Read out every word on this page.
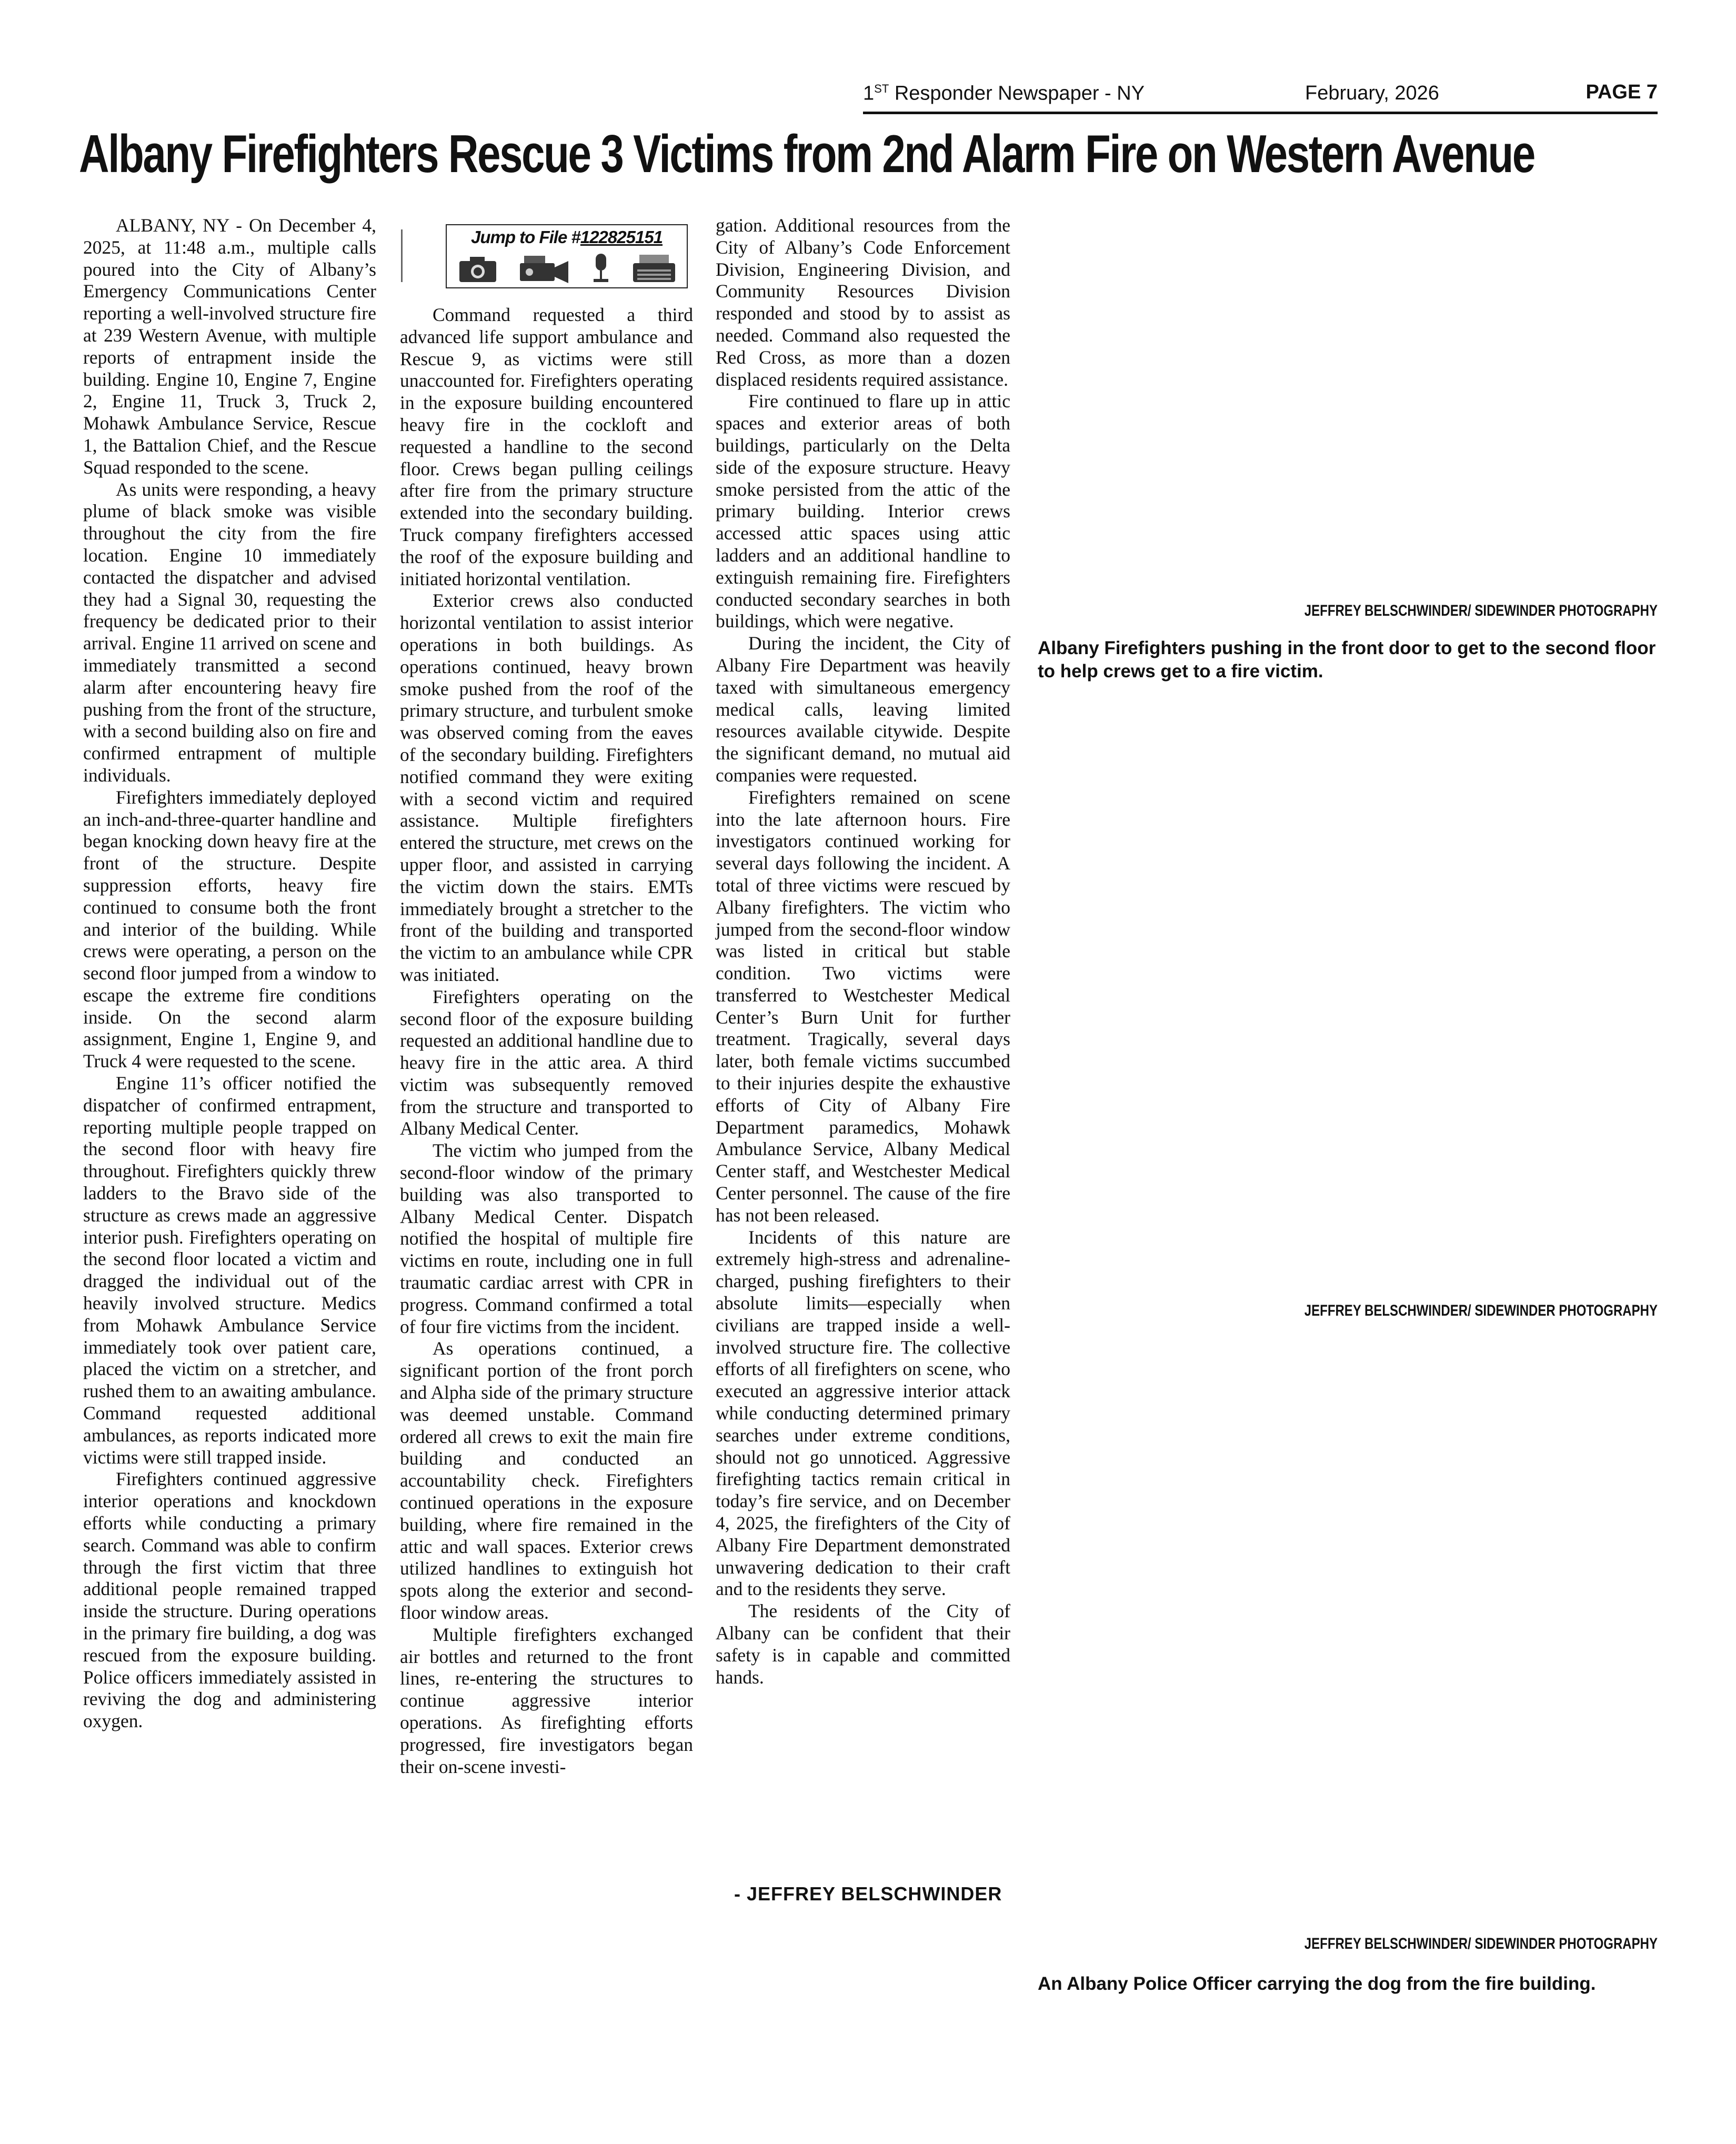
1ST Responder Newspaper - NY	February, 2026	PAGE 7
Albany Firefighters Rescue 3 Victims from 2nd Alarm Fire on Western Avenue

ALBANY, NY - On December 4, 2025, at 11:48 a.m., multiple calls poured into the City of Albany’s Emergency Communications Center reporting a well-involved structure fire at 239 Western Avenue, with multiple reports of entrapment inside the building. Engine 10, Engine 7, Engine 2, Engine 11, Truck 3, Truck 2, Mohawk Ambulance Service, Rescue 1, the Battalion Chief, and the Rescue Squad responded to the scene.

As units were responding, a heavy plume of black smoke was visible throughout the city from the fire location. Engine 10 immediately contacted the dispatcher and advised they had a Signal 30, requesting the frequency be dedicated prior to their arrival. Engine 11 arrived on scene and immediately transmitted a second alarm after encountering heavy fire pushing from the front of the structure, with a second building also on fire and confirmed entrapment of multiple individuals.

Firefighters immediately deployed an inch-and-three-quarter handline and began knocking down heavy fire at the front of the structure. Despite suppression efforts, heavy fire continued to consume both the front and interior of the building. While crews were operating, a person on the second floor jumped from a window to escape the extreme fire conditions inside. On the second alarm assignment, Engine 1, Engine 9, and Truck 4 were requested to the scene.

Engine 11’s officer notified the dispatcher of confirmed entrapment, reporting multiple people trapped on the second floor with heavy fire throughout. Firefighters quickly threw ladders to the Bravo side of the structure as crews made an aggressive interior push. Firefighters operating on the second floor located a victim and dragged the individual out of the heavily involved structure. Medics from Mohawk Ambulance Service immediately took over patient care, placed the victim on a stretcher, and rushed them to an awaiting ambulance. Command requested additional ambulances, as reports indicated more victims were still trapped inside.

Firefighters continued aggressive interior operations and knockdown efforts while conducting a primary search. Command was able to confirm through the first victim that three additional people remained trapped inside the structure. During operations in the primary fire building, a dog was rescued from the exposure building. Police officers immediately assisted in reviving the dog and administering oxygen.

Jump to File #122825151

Command requested a third advanced life support ambulance and Rescue 9, as victims were still unaccounted for. Firefighters operating in the exposure building encountered heavy fire in the cockloft and requested a handline to the second floor. Crews began pulling ceilings after fire from the primary structure extended into the secondary building. Truck company firefighters accessed the roof of the exposure building and initiated horizontal ventilation.

Exterior crews also conducted horizontal ventilation to assist interior operations in both buildings. As operations continued, heavy brown smoke pushed from the roof of the primary structure, and turbulent smoke was observed coming from the eaves of the secondary building. Firefighters notified command they were exiting with a second victim and required assistance. Multiple firefighters entered the structure, met crews on the upper floor, and assisted in carrying the victim down the stairs. EMTs immediately brought a stretcher to the front of the building and transported the victim to an ambulance while CPR was initiated.

Firefighters operating on the second floor of the exposure building requested an additional handline due to heavy fire in the attic area. A third victim was subsequently removed from the structure and transported to Albany Medical Center.

The victim who jumped from the second-floor window of the primary building was also transported to Albany Medical Center. Dispatch notified the hospital of multiple fire victims en route, including one in full traumatic cardiac arrest with CPR in progress. Command confirmed a total of four fire victims from the incident.

As operations continued, a significant portion of the front porch and Alpha side of the primary structure was deemed unstable. Command ordered all crews to exit the main fire building and conducted an accountability check. Firefighters continued operations in the exposure building, where fire remained in the attic and wall spaces. Exterior crews utilized handlines to extinguish hot spots along the exterior and second-floor window areas.

Multiple firefighters exchanged air bottles and returned to the front lines, re-entering the structures to continue aggressive interior operations. As firefighting efforts progressed, fire investigators began their on-scene investi-

gation. Additional resources from the City of Albany’s Code Enforcement Division, Engineering Division, and Community Resources Division responded and stood by to assist as needed. Command also requested the Red Cross, as more than a dozen displaced residents required assistance.

Fire continued to flare up in attic spaces and exterior areas of both buildings, particularly on the Delta side of the exposure structure. Heavy smoke persisted from the attic of the primary building. Interior crews accessed attic spaces using attic ladders and an additional handline to extinguish remaining fire. Firefighters conducted secondary searches in both buildings, which were negative.

During the incident, the City of Albany Fire Department was heavily taxed with simultaneous emergency medical calls, leaving limited resources available citywide. Despite the significant demand, no mutual aid companies were requested.

Firefighters remained on scene into the late afternoon hours. Fire investigators continued working for several days following the incident. A total of three victims were rescued by Albany firefighters. The victim who jumped from the second-floor window was listed in critical but stable condition. Two victims were transferred to Westchester Medical Center’s Burn Unit for further treatment. Tragically, several days later, both female victims succumbed to their injuries despite the exhaustive efforts of City of Albany Fire Department paramedics, Mohawk Ambulance Service, Albany Medical Center staff, and Westchester Medical Center personnel. The cause of the fire has not been released.

Incidents of this nature are extremely high-stress and adrenaline-charged, pushing firefighters to their absolute limits—especially when civilians are trapped inside a well-involved structure fire. The collective efforts of all firefighters on scene, who executed an aggressive interior attack while conducting determined primary searches under extreme conditions, should not go unnoticed. Aggressive firefighting tactics remain critical in today’s fire service, and on December 4, 2025, the firefighters of the City of Albany Fire Department demonstrated unwavering dedication to their craft and to the residents they serve.

The residents of the City of Albany can be confident that their safety is in capable and committed hands.

- JEFFREY BELSCHWINDER
JEFFREY BELSCHWINDER/ SIDEWINDER PHOTOGRAPHY
Albany Firefighters pushing in the front door to get to the second floor to help crews get to a fire victim.
JEFFREY BELSCHWINDER/ SIDEWINDER PHOTOGRAPHY
JEFFREY BELSCHWINDER/ SIDEWINDER PHOTOGRAPHY
An Albany Police Officer carrying the dog from the fire building.
